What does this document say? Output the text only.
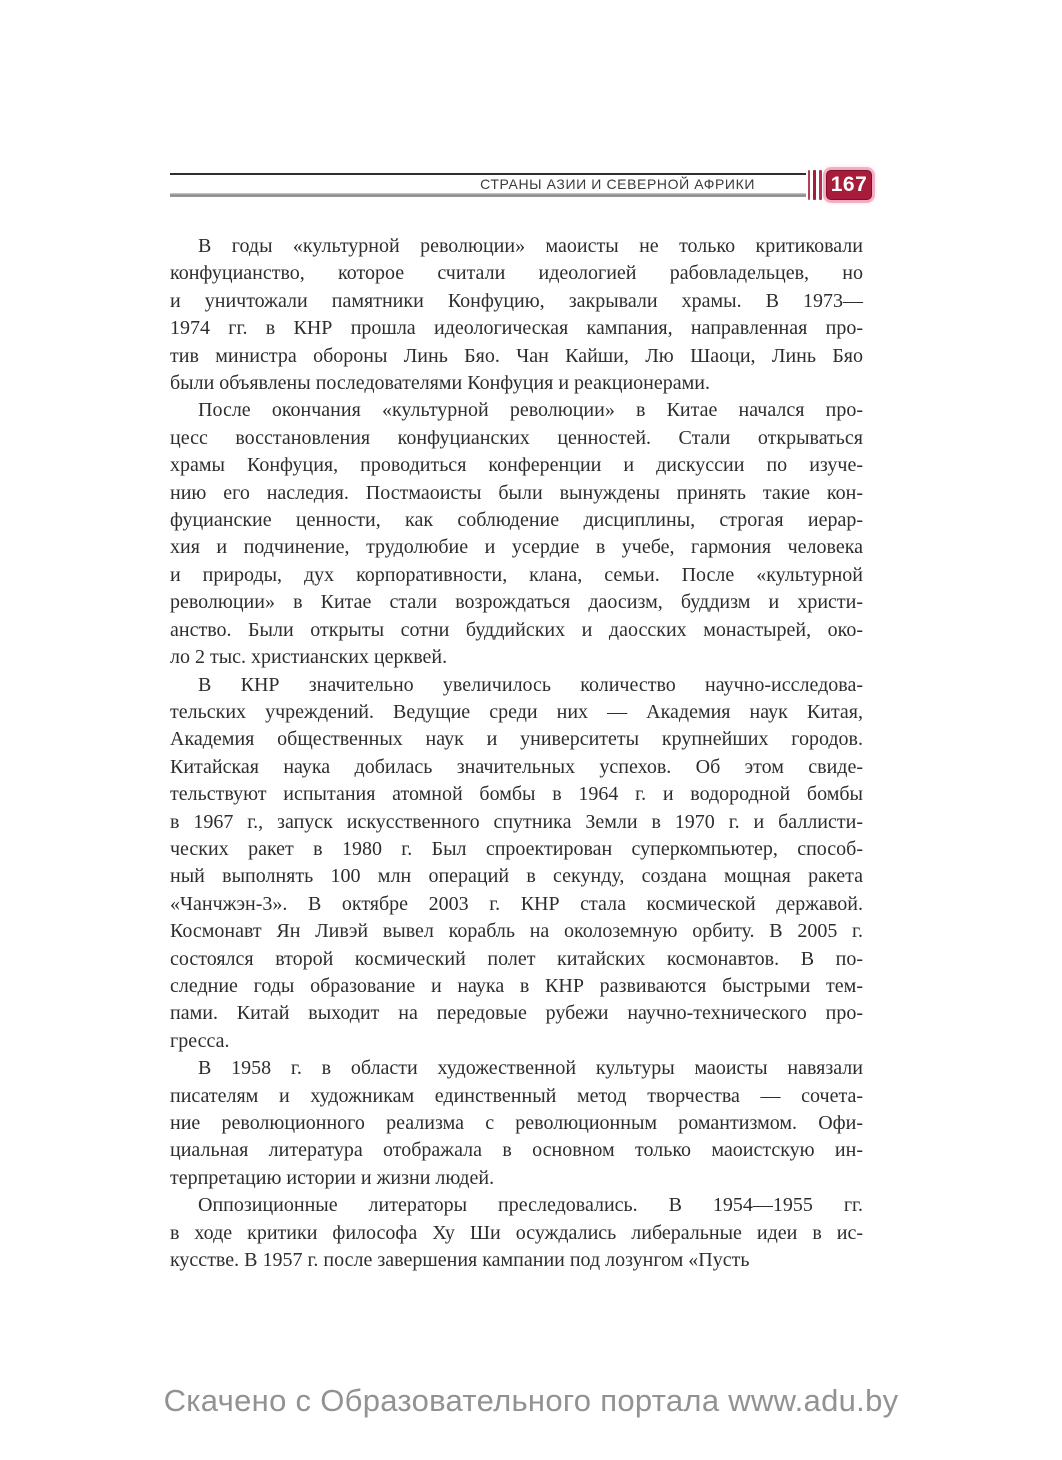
СТРАНЫ АЗИИ И СЕВЕРНОЙ АФРИКИ	167
В годы «культурной революции» маоисты не только критиковали
конфуцианство, которое считали идеологией рабовладельцев, но
и уничтожали памятники Конфуцию, закрывали храмы. В 1973—
1974 гг. в КНР прошла идеологическая кампания, направленная про-
тив министра обороны Линь Бяо. Чан Кайши, Лю Шаоци, Линь Бяо
были объявлены последователями Конфуция и реакционерами.
После окончания «культурной революции» в Китае начался про-
цесс восстановления конфуцианских ценностей. Стали открываться
храмы Конфуция, проводиться конференции и дискуссии по изуче-
нию его наследия. Постмаоисты были вынуждены принять такие кон-
фуцианские ценности, как соблюдение дисциплины, строгая иерар-
хия и подчинение, трудолюбие и усердие в учебе, гармония человека
и природы, дух корпоративности, клана, семьи. После «культурной
революции» в Китае стали возрождаться даосизм, буддизм и христи-
анство. Были открыты сотни буддийских и даосских монастырей, око-
ло 2 тыс. христианских церквей.
В КНР значительно увеличилось количество научно-исследова-
тельских учреждений. Ведущие среди них — Академия наук Китая,
Академия общественных наук и университеты крупнейших городов.
Китайская наука добилась значительных успехов. Об этом свиде-
тельствуют испытания атомной бомбы в 1964 г. и водородной бомбы
в 1967 г., запуск искусственного спутника Земли в 1970 г. и баллисти-
ческих ракет в 1980 г. Был спроектирован суперкомпьютер, способ-
ный выполнять 100 млн операций в секунду, создана мощная ракета
«Чанчжэн-3». В октябре 2003 г. КНР стала космической державой.
Космонавт Ян Ливэй вывел корабль на околоземную орбиту. В 2005 г.
состоялся второй космический полет китайских космонавтов. В по-
следние годы образование и наука в КНР развиваются быстрыми тем-
пами. Китай выходит на передовые рубежи научно-технического про-
гресса.
В 1958 г. в области художественной культуры маоисты навязали
писателям и художникам единственный метод творчества — сочета-
ние революционного реализма с революционным романтизмом. Офи-
циальная литература отображала в основном только маоистскую ин-
терпретацию истории и жизни людей.
Оппозиционные литераторы преследовались. В 1954—1955 гг.
в ходе критики философа Ху Ши осуждались либеральные идеи в ис-
кусстве. В 1957 г. после завершения кампании под лозунгом «Пусть
Скачено с Образовательного портала www.adu.by
